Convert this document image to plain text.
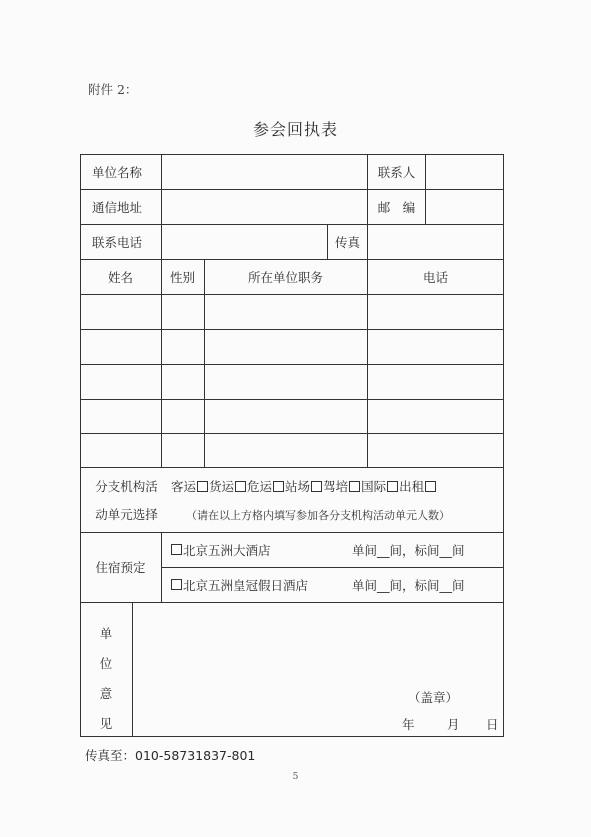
附件 2：
参会回执表
单位名称	联系人
通信地址	邮　编
联系电话	传真
姓名	性别	所在单位职务	电话
分支机构活
动单元选择
客运 货运 危运 站场 驾培 国际 出租
（请在以上方格内填写参加各分支机构活动单元人数）
住宿预定
北京五洲大酒店	单间__间，标间__间
北京五洲皇冠假日酒店	单间__间，标间__间
单
位
意
见
（盖章）
年	月 日
传真至：010-58731837-801
5
